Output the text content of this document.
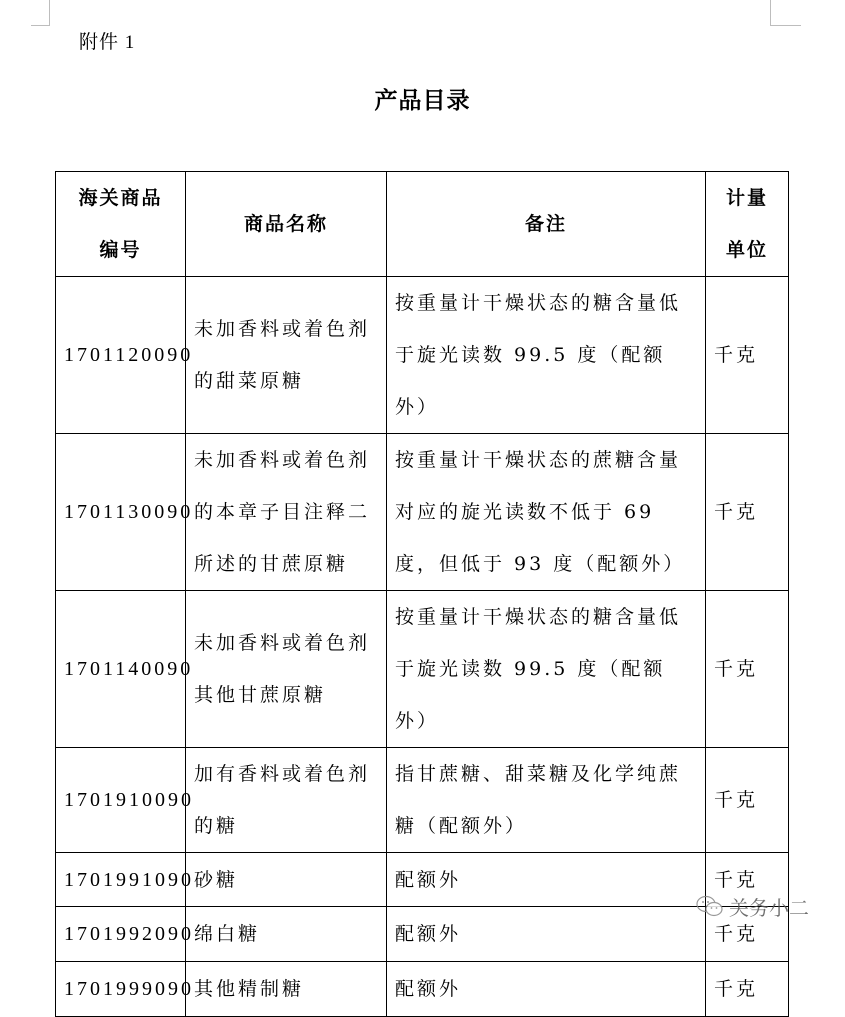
附件 1
产品目录
海关商品编号	商品名称	备注	计量单位
1701120090	未加香料或着色剂的甜菜原糖	按重量计干燥状态的糖含量低于旋光读数 99.5 度（配额外）	千克
1701130090	未加香料或着色剂的本章子目注释二所述的甘蔗原糖	按重量计干燥状态的蔗糖含量对应的旋光读数不低于 69 度，但低于 93 度（配额外）	千克
1701140090	未加香料或着色剂其他甘蔗原糖	按重量计干燥状态的糖含量低于旋光读数 99.5 度（配额外）	千克
1701910090	加有香料或着色剂的糖	指甘蔗糖、甜菜糖及化学纯蔗糖（配额外）	千克
1701991090	砂糖	配额外	千克
1701992090	绵白糖	配额外	千克
1701999090	其他精制糖	配额外	千克
关务小二
